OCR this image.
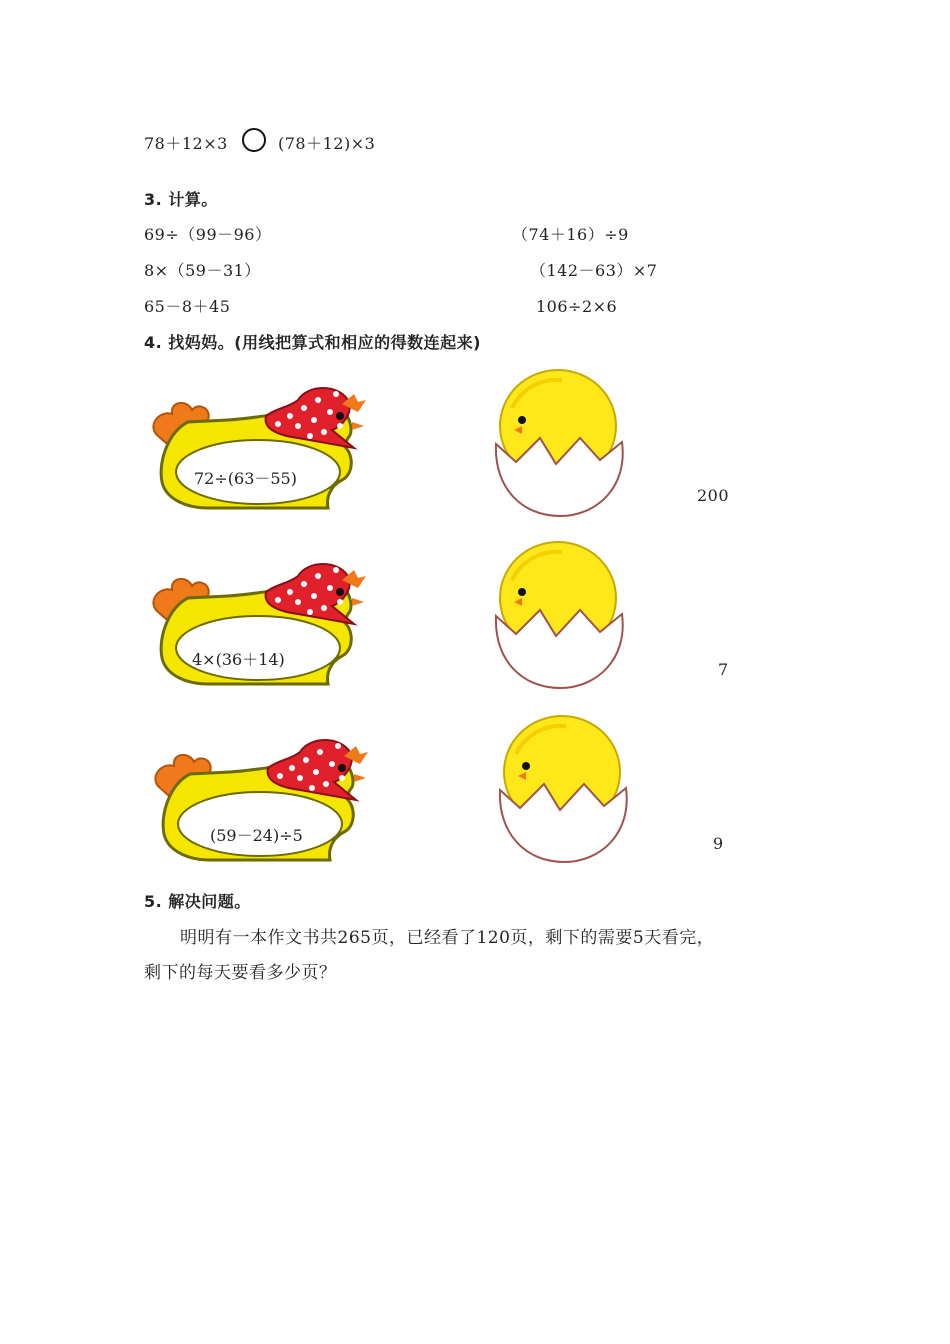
78＋12×3	(78＋12)×3
3. 计算。
69÷（99－96）	（74＋16）÷9
8×（59－31）	（142－63）×7
65－8＋45	106÷2×6
4. 找妈妈。(用线把算式和相应的得数连起来)
72÷(63－55)
4×(36＋14)
(59－24)÷5
200
7
9
5. 解决问题。
明明有一本作文书共265页，已经看了120页，剩下的需要5天看完，
剩下的每天要看多少页？
